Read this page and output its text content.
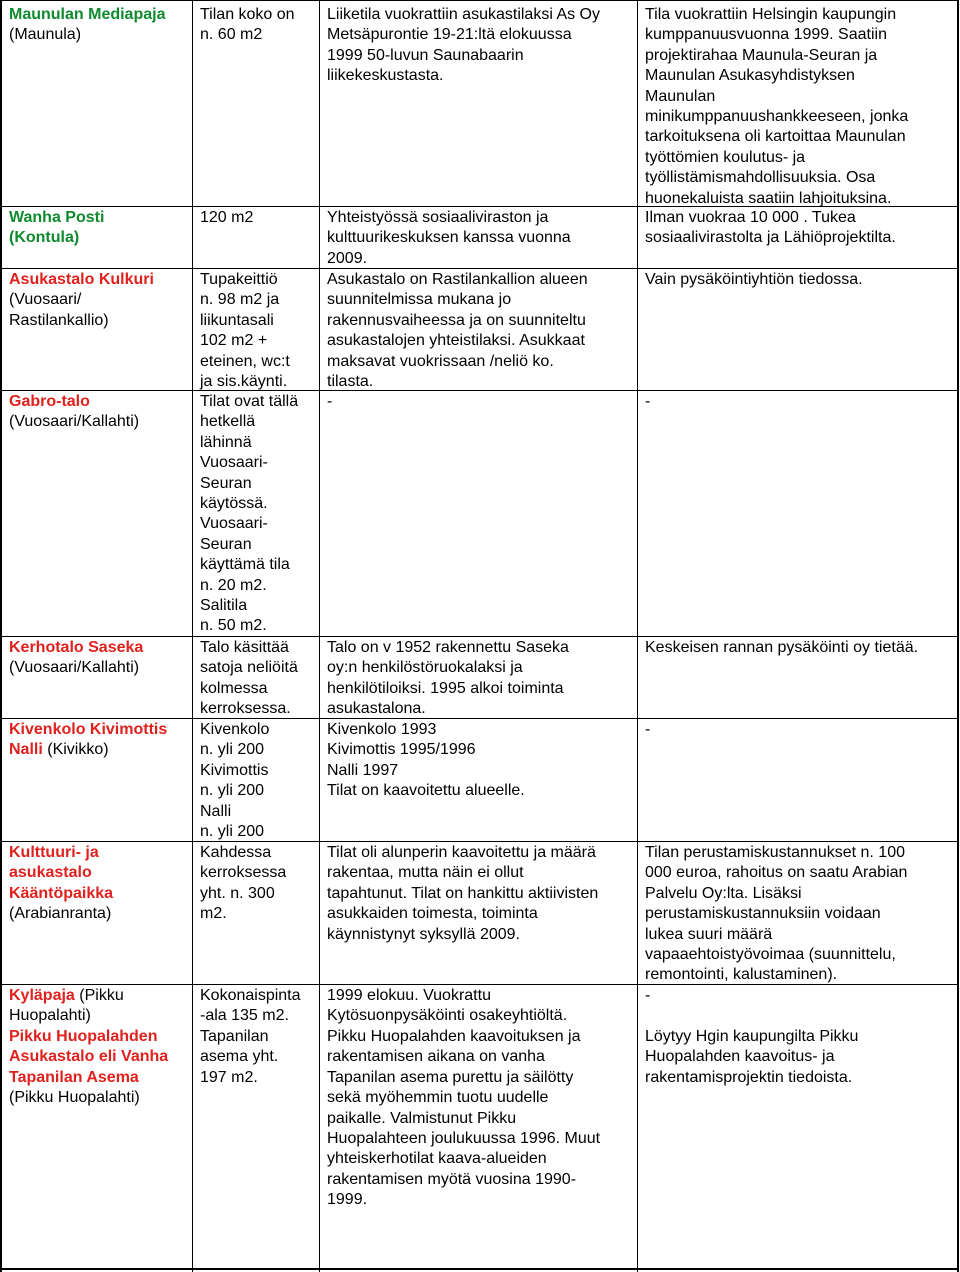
Maunulan Mediapaja
(Maunula)
Tilan koko on
n. 60 m2
Liiketila vuokrattiin asukastilaksi As Oy
Metsäpurontie 19-21:ltä elokuussa
1999 50-luvun Saunabaarin
liikekeskustasta.
Tila vuokrattiin Helsingin kaupungin
kumppanuusvuonna 1999. Saatiin
projektirahaa Maunula-Seuran ja
Maunulan Asukasyhdistyksen
Maunulan
minikumppanuushankkeeseen, jonka
tarkoituksena oli kartoittaa Maunulan
työttömien koulutus- ja
työllistämismahdollisuuksia. Osa
huonekaluista saatiin lahjoituksina.
Wanha Posti
(Kontula)
120 m2	Yhteistyössä sosiaaliviraston ja
kulttuurikeskuksen kanssa vuonna
2009.
Ilman vuokraa 10 000 . Tukea
sosiaalivirastolta ja Lähiöprojektilta.
Asukastalo Kulkuri
(Vuosaari/
Rastilankallio)
Tupakeittiö
n. 98 m2 ja
liikuntasali
102 m2 +
eteinen, wc:t
ja sis.käynti.
Asukastalo on Rastilankallion alueen
suunnitelmissa mukana jo
rakennusvaiheessa ja on suunniteltu
asukastalojen yhteistilaksi. Asukkaat
maksavat vuokrissaan /neliö ko.
tilasta.
Vain pysäköintiyhtiön tiedossa.
Gabro-talo
(Vuosaari/Kallahti)
Tilat ovat tällä
hetkellä
lähinnä
Vuosaari-
Seuran
käytössä.
Vuosaari-
Seuran
käyttämä tila
n. 20 m2.
Salitila
n. 50 m2.
-	-
Kerhotalo Saseka
(Vuosaari/Kallahti)
Talo käsittää
satoja neliöitä
kolmessa
kerroksessa.
Talo on v 1952 rakennettu Saseka
oy:n henkilöstöruokalaksi ja
henkilötiloiksi. 1995 alkoi toiminta
asukastalona.
Keskeisen rannan pysäköinti oy tietää.
Kivenkolo Kivimottis
Nalli (Kivikko)
Kivenkolo
n. yli 200
Kivimottis
n. yli 200
Nalli
n. yli 200
Kivenkolo 1993
Kivimottis 1995/1996
Nalli 1997
Tilat on kaavoitettu alueelle.
-
Kulttuuri- ja
asukastalo
Kääntöpaikka
(Arabianranta)
Kahdessa
kerroksessa
yht. n. 300
m2.
Tilat oli alunperin kaavoitettu ja määrä
rakentaa, mutta näin ei ollut
tapahtunut. Tilat on hankittu aktiivisten
asukkaiden toimesta, toiminta
käynnistynyt syksyllä 2009.
Tilan perustamiskustannukset n. 100
000 euroa, rahoitus on saatu Arabian
Palvelu Oy:lta. Lisäksi
perustamiskustannuksiin voidaan
lukea suuri määrä
vapaaehtoistyövoimaa (suunnittelu,
remontointi, kalustaminen).
Kyläpaja (Pikku
Huopalahti)
Pikku Huopalahden
Asukastalo eli Vanha
Tapanilan Asema
(Pikku Huopalahti)
Kokonaispinta
-ala 135 m2.
Tapanilan
asema yht.
197 m2.
1999 elokuu. Vuokrattu
Kytösuonpysäköinti osakeyhtiöltä.
Pikku Huopalahden kaavoituksen ja
rakentamisen aikana on vanha
Tapanilan asema purettu ja säilötty
sekä myöhemmin tuotu uudelle
paikalle. Valmistunut Pikku
Huopalahteen joulukuussa 1996. Muut
yhteiskerhotilat kaava-alueiden
rakentamisen myötä vuosina 1990-
1999.
-
Löytyy Hgin kaupungilta Pikku
Huopalahden kaavoitus- ja
rakentamisprojektin tiedoista.
